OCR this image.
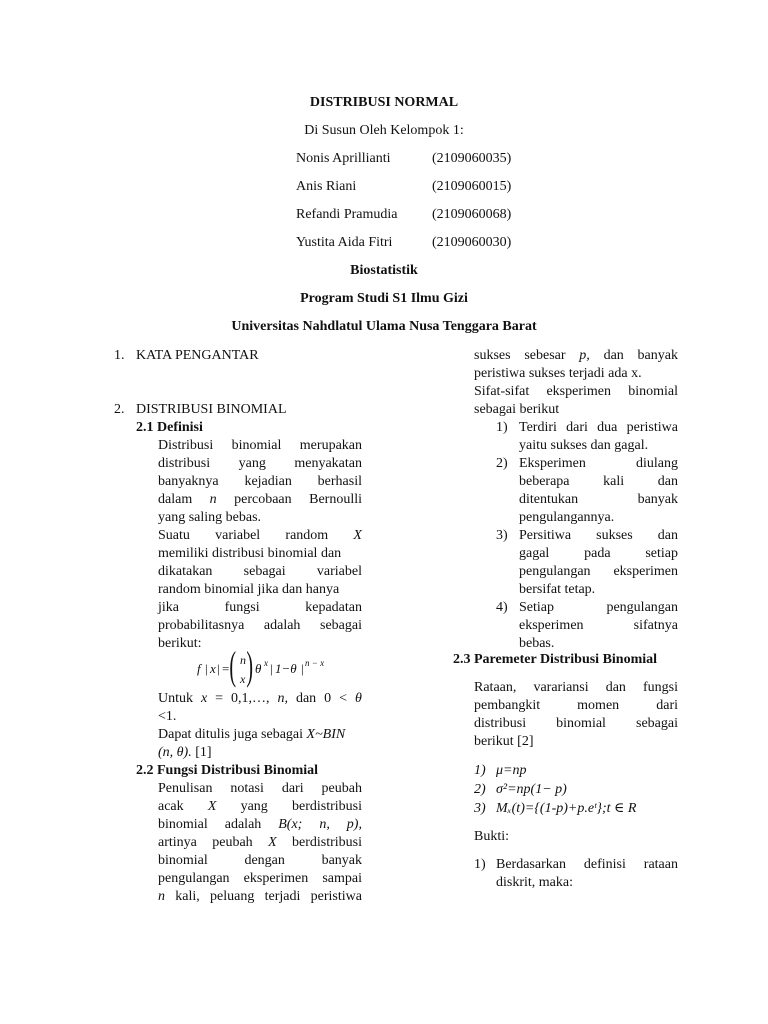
DISTRIBUSI NORMAL
Di Susun Oleh Kelompok 1:
Nonis Aprillianti	(2109060035)
Anis Riani	(2109060015)
Refandi Pramudia	(2109060068)
Yustita Aida Fitri	(2109060030)
Biostatistik
Program Studi S1 Ilmu Gizi
Universitas Nahdlatul Ulama Nusa Tenggara Barat
1. KATA PENGANTAR
2. DISTRIBUSI BINOMIAL
2.1 Definisi
Distribusi binomial merupakan
distribusi yang menyakatan
banyaknya kejadian berhasil
dalam n percobaan Bernoulli
yang saling bebas.
Suatu variabel random X
memiliki distribusi binomial dan
dikatakan sebagai variabel
random binomial jika dan hanya
jika	fungsi	kepadatan
probabilitasnya adalah sebagai
berikut:
f | x | = ( n
x ) θ x | 1−θ | n − x
Untuk x = 0,1,…, n, dan 0 < θ
<1.
Dapat ditulis juga sebagai X~BIN
(n, θ). [1]
2.2 Fungsi Distribusi Binomial
Penulisan notasi dari peubah
acak X yang berdistribusi
binomial adalah B(x; n, p),
artinya peubah X berdistribusi
binomial	dengan	banyak
pengulangan eksperimen sampai
n kali, peluang terjadi peristiwa
sukses sebesar p, dan banyak
peristiwa sukses terjadi ada x.
Sifat-sifat eksperimen binomial
sebagai berikut
1) Terdiri dari dua peristiwa
yaitu sukses dan gagal.
2) Eksperimen	diulang
beberapa kali dan
ditentukan	banyak
pengulangannya.
3) Persitiwa sukses dan
gagal pada setiap
pengulangan eksperimen
bersifat tetap.
4) Setiap	pengulangan
eksperimen	sifatnya
bebas.
2.3 Paremeter Distribusi Binomial
Rataan, varariansi dan fungsi
pembangkit	momen	dari
distribusi binomial sebagai
berikut [2]
1) μ=np
2) σ²=np(1− p)
3) Mₓ(t)={(1-p)+p.eᵗ};t ∈ R
Bukti:
1) Berdasarkan definisi rataan
diskrit, maka:
